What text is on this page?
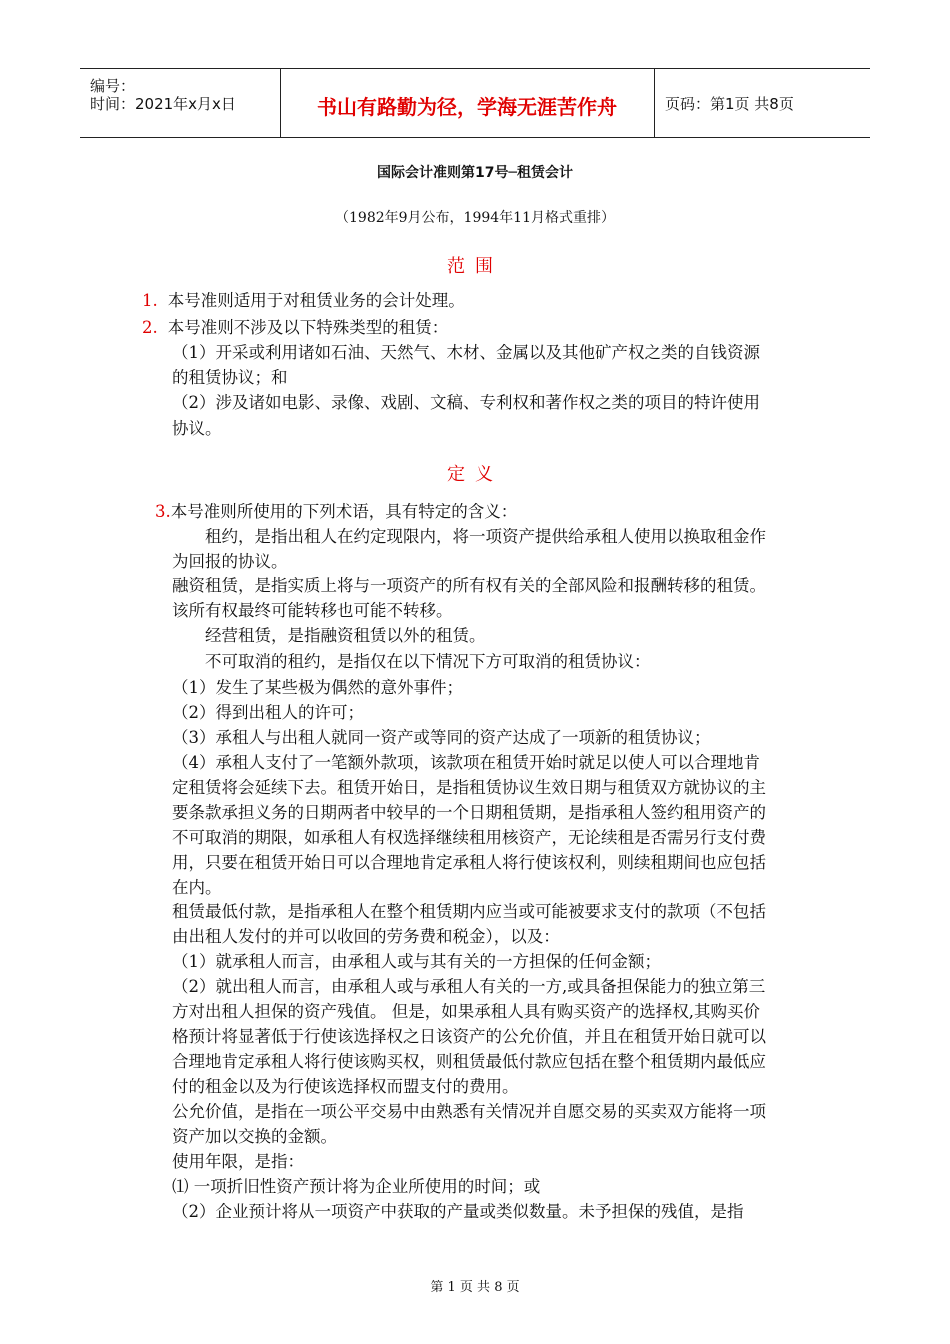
编号：
时间：2021年x月x日	书山有路勤为径，学海无涯苦作舟	页码：第1页 共8页
国际会计准则第17号─租赁会计
（1982年9月公布，1994年11月格式重排）
范围
定义
1. 本号准则适用于对租赁业务的会计处理。
2. 本号准则不涉及以下特殊类型的租赁：
（1）开采或利用诸如石油、天然气、木材、金属以及其他矿产权之类的自钱资源
的租赁协议；和
（2）涉及诸如电影、录像、戏剧、文稿、专利权和著作权之类的项目的特许使用
协议。
3.本号准则所使用的下列术语，具有特定的含义：
租约，是指出租人在约定现限内，将一项资产提供给承租人使用以换取租金作
为回报的协议。
融资租赁，是指实质上将与一项资产的所有权有关的全部风险和报酬转移的租赁。
该所有权最终可能转移也可能不转移。
经营租赁，是指融资租赁以外的租赁。
不可取消的租约，是指仅在以下情况下方可取消的租赁协议：
（1）发生了某些极为偶然的意外事件；
（2）得到出租人的许可；
（3）承租人与出租人就同一资产或等同的资产达成了一项新的租赁协议；
（4）承租人支付了一笔额外款项，该款项在租赁开始时就足以使人可以合理地肯
定租赁将会延续下去。租赁开始日，是指租赁协议生效日期与租赁双方就协议的主
要条款承担义务的日期两者中较早的一个日期租赁期，是指承租人签约租用资产的
不可取消的期限，如承租人有权选择继续租用核资产，无论续租是否需另行支付费
用，只要在租赁开始日可以合理地肯定承租人将行使该权利，则续租期间也应包括
在内。
租赁最低付款，是指承租人在整个租赁期内应当或可能被要求支付的款项（不包括
由出租人发付的并可以收回的劳务费和税金），以及：
（1）就承租人而言，由承租人或与其有关的一方担保的任何金额；
（2）就出租人而言，由承租人或与承租人有关的一方,或具备担保能力的独立第三
方对出租人担保的资产残值。 但是，如果承租人具有购买资产的选择权,其购买价
格预计将显著低于行使该选择权之日该资产的公允价值，并且在租赁开始日就可以
合理地肯定承租人将行使该购买权，则租赁最低付款应包括在整个租赁期内最低应
付的租金以及为行使该选择权而盟支付的费用。
公允价值，是指在一项公平交易中由熟悉有关情况并自愿交易的买卖双方能将一项
资产加以交换的金额。
使用年限，是指：
⑴ 一项折旧性资产预计将为企业所使用的时间；或
（2）企业预计将从一项资产中获取的产量或类似数量。未予担保的残值，是指
第 1 页 共 8 页
